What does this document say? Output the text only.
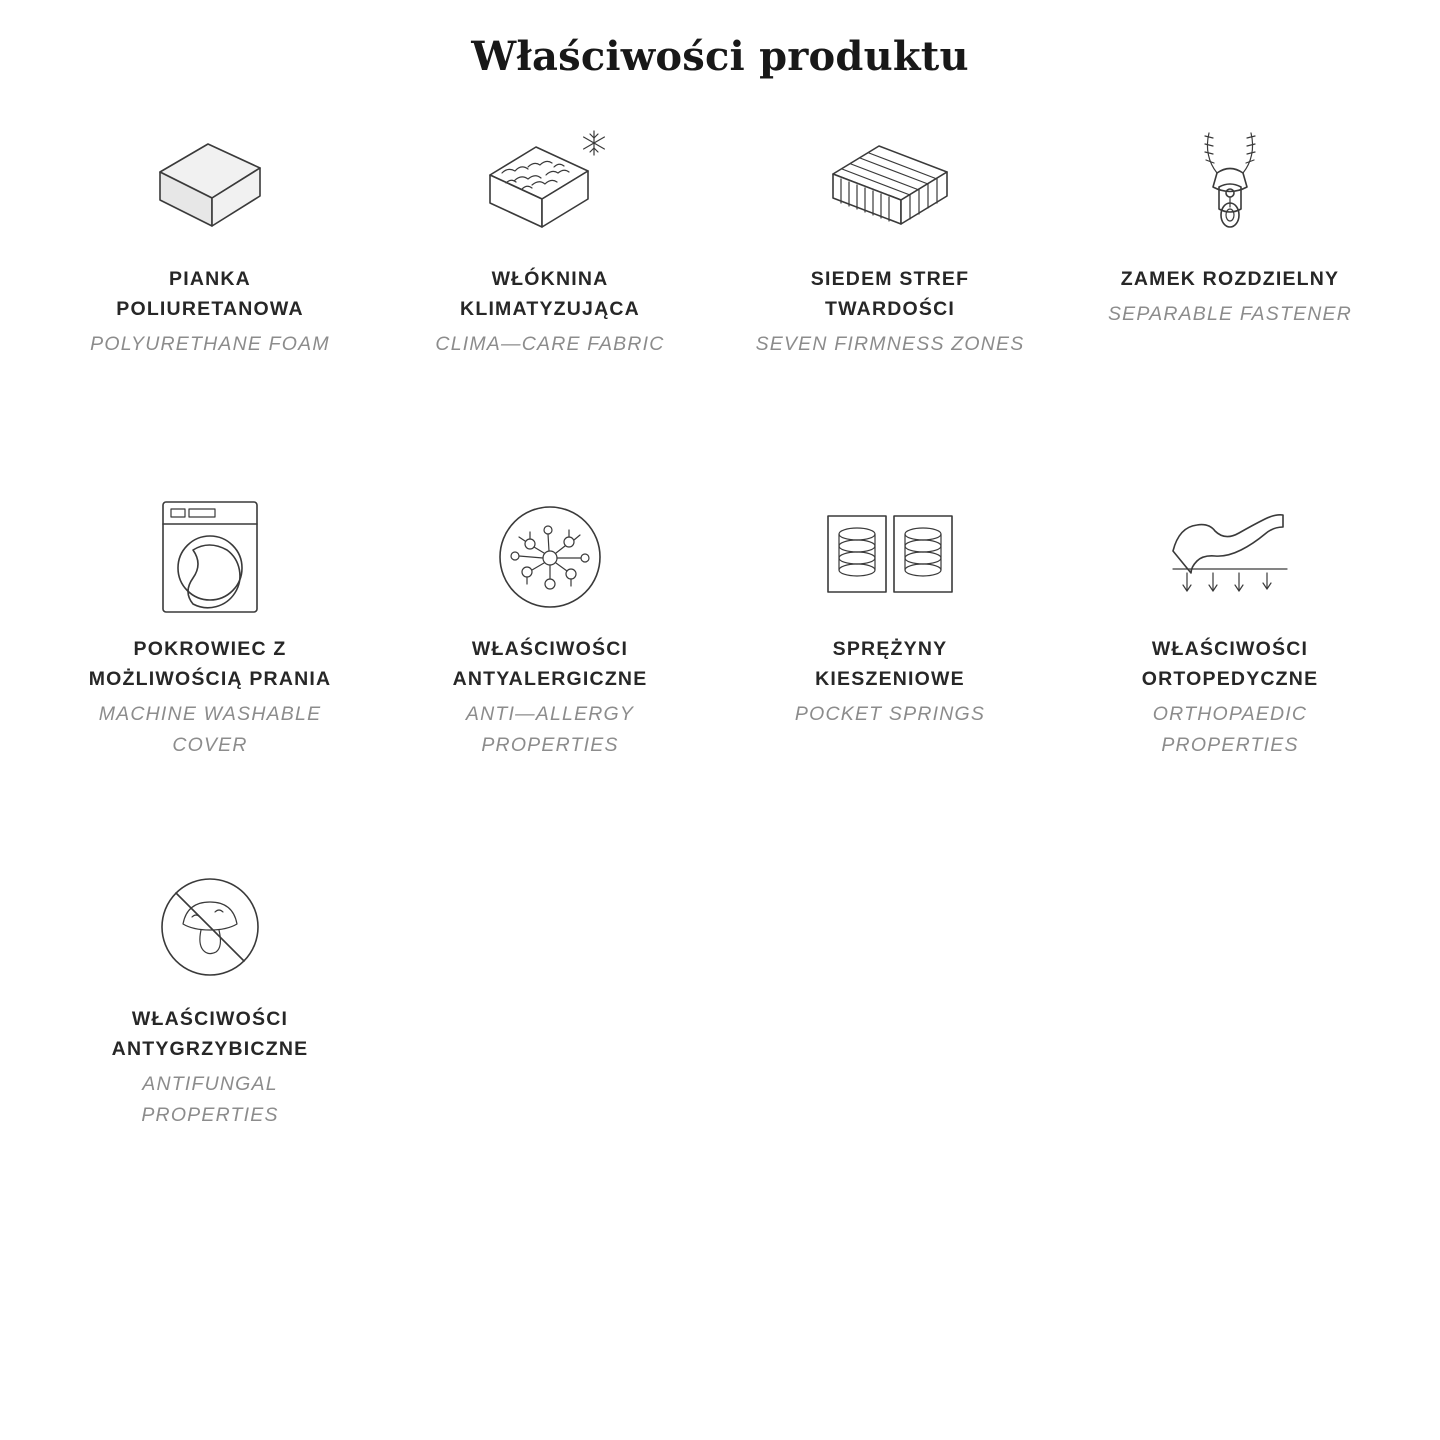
Właściwości produktu
PIANKA POLIURETANOWA
POLYURETHANE FOAM
WŁÓKNINA KLIMATYZUJĄCA
CLIMA—CARE FABRIC
SIEDEM STREF TWARDOŚCI
SEVEN FIRMNESS ZONES
ZAMEK ROZDZIELNY
SEPARABLE FASTENER
POKROWIEC Z MOŻLIWOŚCIĄ PRANIA
MACHINE WASHABLE COVER
WŁAŚCIWOŚCI ANTYALERGICZNE
ANTI—ALLERGY PROPERTIES
SPRĘŻYNY KIESZENIOWE
POCKET SPRINGS
WŁAŚCIWOŚCI ORTOPEDYCZNE
ORTHOPAEDIC PROPERTIES
WŁAŚCIWOŚCI ANTYGRZYBICZNE
ANTIFUNGAL PROPERTIES
